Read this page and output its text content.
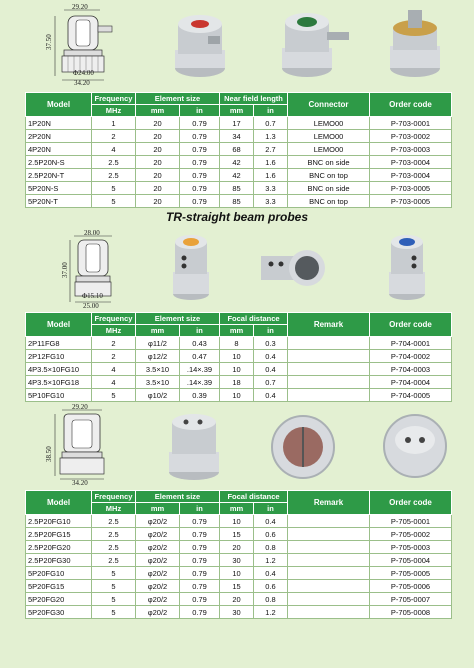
29.20
37.50
Φ24.00
34.20
Model	Frequency	Element size		Near field length		Connector	Order code
	MHz	mm	in	mm	in		
1P20N	1	20	0.79	17	0.7	LEMO00	P-703-0001
2P20N	2	20	0.79	34	1.3	LEMO00	P-703-0002
4P20N	4	20	0.79	68	2.7	LEMO00	P-703-0003
2.5P20N-S	2.5	20	0.79	42	1.6	BNC on side	P-703-0004
2.5P20N-T	2.5	20	0.79	42	1.6	BNC on top	P-703-0004
5P20N-S	5	20	0.79	85	3.3	BNC on side	P-703-0005
5P20N-T	5	20	0.79	85	3.3	BNC on top	P-703-0005
TR-straight beam probes
28.00
37.00
Φ15.10
25.00
Model	Frequency	Element size		Focal distance		Remark	Order code
	MHz	mm	in	mm	in		
2P11FG8	2	φ11/2	0.43	8	0.3		P-704-0001
2P12FG10	2	φ12/2	0.47	10	0.4		P-704-0002
4P3.5×10FG10	4	3.5×10	.14×.39	10	0.4		P-704-0003
4P3.5×10FG18	4	3.5×10	.14×.39	18	0.7		P-704-0004
5P10FG10	5	φ10/2	0.39	10	0.4		P-704-0005
29.20
38.50
34.20
Model	Frequency	Element size		Focal distance		Remark	Order code
	MHz	mm	in	mm	in		
2.5P20FG10	2.5	φ20/2	0.79	10	0.4		P-705-0001
2.5P20FG15	2.5	φ20/2	0.79	15	0.6		P-705-0002
2.5P20FG20	2.5	φ20/2	0.79	20	0.8		P-705-0003
2.5P20FG30	2.5	φ20/2	0.79	30	1.2		P-705-0004
5P20FG10	5	φ20/2	0.79	10	0.4		P-705-0005
5P20FG15	5	φ20/2	0.79	15	0.6		P-705-0006
5P20FG20	5	φ20/2	0.79	20	0.8		P-705-0007
5P20FG30	5	φ20/2	0.79	30	1.2		P-705-0008
